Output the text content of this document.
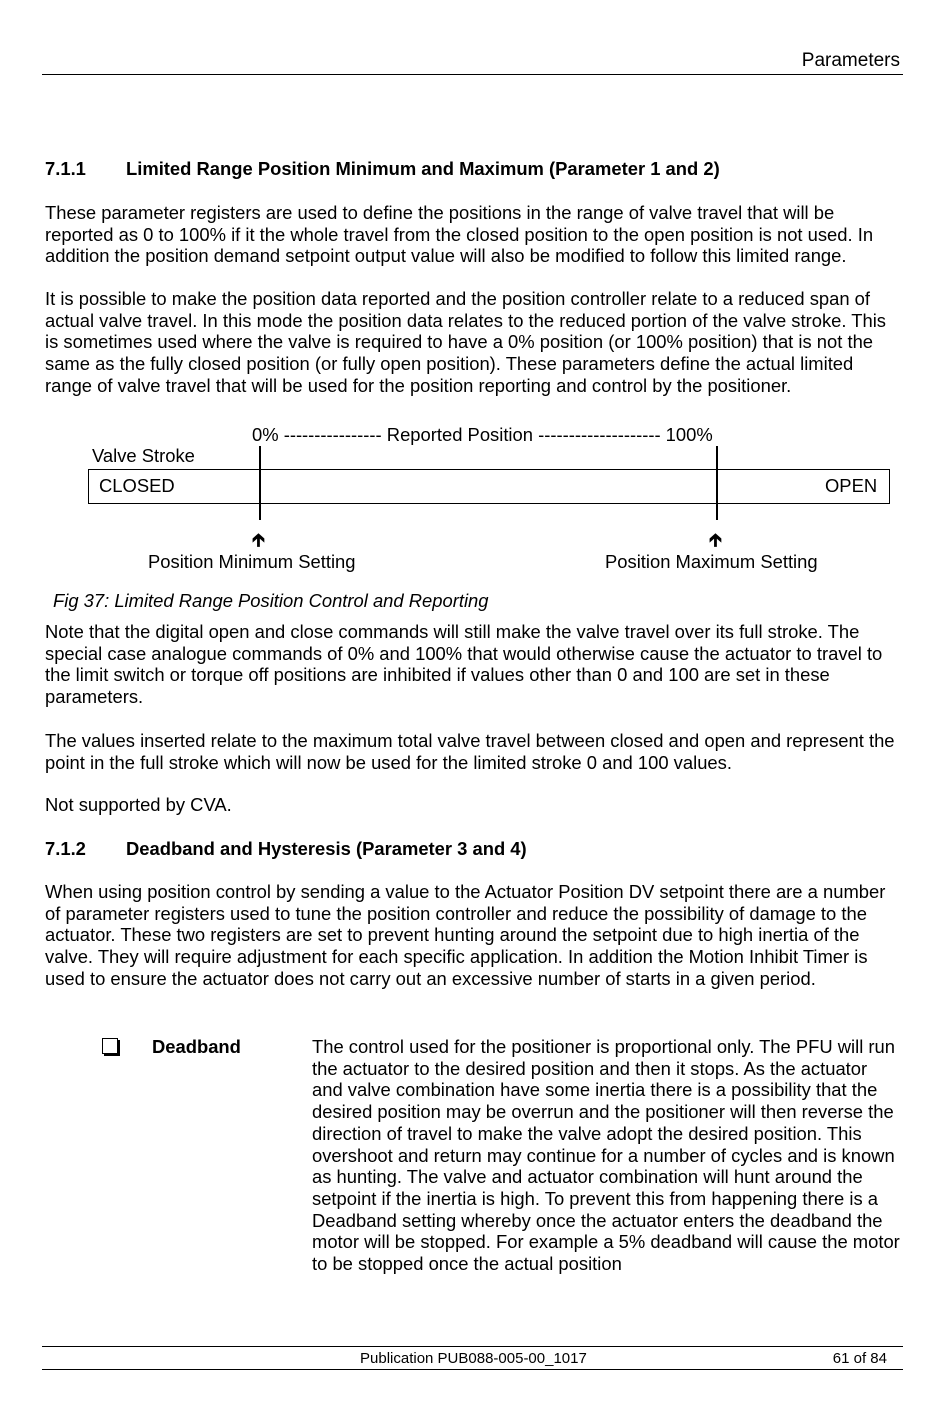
Parameters
7.1.1 Limited Range Position Minimum and Maximum (Parameter 1 and 2)

These parameter registers are used to define the positions in the range of valve travel that will be reported as 0 to 100% if it the whole travel from the closed position to the open position is not used. In addition the position demand setpoint output value will also be modified to follow this limited range.

It is possible to make the position data reported and the position controller relate to a reduced span of actual valve travel. In this mode the position data relates to the reduced portion of the valve stroke. This is sometimes used where the valve is required to have a 0% position (or 100% position) that is not the same as the fully closed position (or fully open position). These parameters define the actual limited range of valve travel that will be used for the position reporting and control by the positioner.

0% ---------------- Reported Position -------------------- 100%
Valve Stroke
CLOSED	OPEN
🡱	🡱
Position Minimum Setting	Position Maximum Setting
Fig 37: Limited Range Position Control and Reporting

Note that the digital open and close commands will still make the valve travel over its full stroke. The special case analogue commands of 0% and 100% that would otherwise cause the actuator to travel to the limit switch or torque off positions are inhibited if values other than 0 and 100 are set in these parameters.

The values inserted relate to the maximum total valve travel between closed and open and represent the point in the full stroke which will now be used for the limited stroke 0 and 100 values.

Not supported by CVA.

7.1.2 Deadband and Hysteresis (Parameter 3 and 4)

When using position control by sending a value to the Actuator Position DV setpoint there are a number of parameter registers used to tune the position controller and reduce the possibility of damage to the actuator. These two registers are set to prevent hunting around the setpoint due to high inertia of the valve. They will require adjustment for each specific application. In addition the Motion Inhibit Timer is used to ensure the actuator does not carry out an excessive number of starts in a given period.

Deadband	The control used for the positioner is proportional only. The PFU will run the actuator to the desired position and then it stops. As the actuator and valve combination have some inertia there is a possibility that the desired position may be overrun and the positioner will then reverse the direction of travel to make the valve adopt the desired position. This overshoot and return may continue for a number of cycles and is known as hunting. The valve and actuator combination will hunt around the setpoint if the inertia is high. To prevent this from happening there is a Deadband setting whereby once the actuator enters the deadband the motor will be stopped. For example a 5% deadband will cause the motor to be stopped once the actual position

Publication PUB088-005-00_1017	61 of 84
